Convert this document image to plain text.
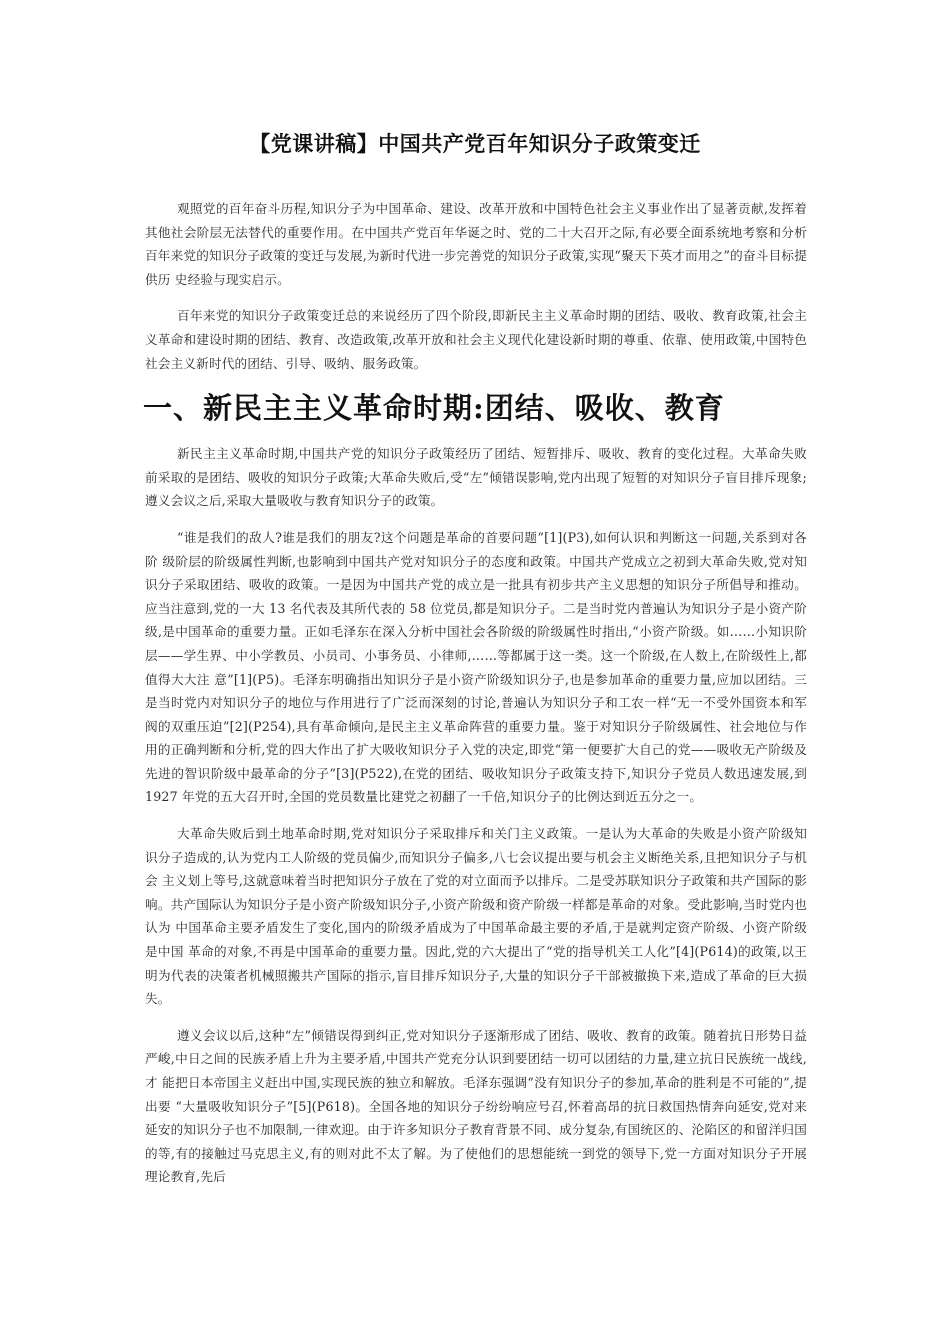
【党课讲稿】中国共产党百年知识分子政策变迁

观照党的百年奋斗历程,知识分子为中国革命、建设、改革开放和中国特色社会主义事业作出了显著贡献,发挥着其他社会阶层无法替代的重要作用。在中国共产党百年华诞之时、党的二十大召开之际,有必要全面系统地考察和分析百年来党的知识分子政策的变迁与发展,为新时代进一步完善党的知识分子政策,实现“聚天下英才而用之”的奋斗目标提供历 史经验与现实启示。

百年来党的知识分子政策变迁总的来说经历了四个阶段,即新民主主义革命时期的团结、吸收、教育政策,社会主义革命和建设时期的团结、教育、改造政策,改革开放和社会主义现代化建设新时期的尊重、依靠、使用政策,中国特色社会主义新时代的团结、引导、吸纳、服务政策。

一、新民主主义革命时期:团结、吸收、教育

新民主主义革命时期,中国共产党的知识分子政策经历了团结、短暂排斥、吸收、教育的变化过程。大革命失败前采取的是团结、吸收的知识分子政策;大革命失败后,受“左”倾错误影响,党内出现了短暂的对知识分子盲目排斥现象;遵义会议之后,采取大量吸收与教育知识分子的政策。

“谁是我们的敌人?谁是我们的朋友?这个问题是革命的首要问题”[1](P3),如何认识和判断这一问题,关系到对各阶 级阶层的阶级属性判断,也影响到中国共产党对知识分子的态度和政策。中国共产党成立之初到大革命失败,党对知识分子采取团结、吸收的政策。一是因为中国共产党的成立是一批具有初步共产主义思想的知识分子所倡导和推动。应当注意到,党的一大 13 名代表及其所代表的 58 位党员,都是知识分子。二是当时党内普遍认为知识分子是小资产阶级,是中国革命的重要力量。正如毛泽东在深入分析中国社会各阶级的阶级属性时指出,“小资产阶级。如……小知识阶层——学生界、中小学教员、小员司、小事务员、小律师,……等都属于这一类。这一个阶级,在人数上,在阶级性上,都值得大大注 意”[1](P5)。毛泽东明确指出知识分子是小资产阶级知识分子,也是参加革命的重要力量,应加以团结。三是当时党内对知识分子的地位与作用进行了广泛而深刻的讨论,普遍认为知识分子和工农一样“无一不受外国资本和军阀的双重压迫”[2](P254),具有革命倾向,是民主主义革命阵营的重要力量。鉴于对知识分子阶级属性、社会地位与作用的正确判断和分析,党的四大作出了扩大吸收知识分子入党的决定,即党“第一便要扩大自己的党——吸收无产阶级及先进的智识阶级中最革命的分子”[3](P522),在党的团结、吸收知识分子政策支持下,知识分子党员人数迅速发展,到 1927 年党的五大召开时,全国的党员数量比建党之初翻了一千倍,知识分子的比例达到近五分之一。

大革命失败后到土地革命时期,党对知识分子采取排斥和关门主义政策。一是认为大革命的失败是小资产阶级知识分子造成的,认为党内工人阶级的党员偏少,而知识分子偏多,八七会议提出要与机会主义断绝关系,且把知识分子与机会 主义划上等号,这就意味着当时把知识分子放在了党的对立面而予以排斥。二是受苏联知识分子政策和共产国际的影响。共产国际认为知识分子是小资产阶级知识分子,小资产阶级和资产阶级一样都是革命的对象。受此影响,当时党内也认为 中国革命主要矛盾发生了变化,国内的阶级矛盾成为了中国革命最主要的矛盾,于是就判定资产阶级、小资产阶级是中国 革命的对象,不再是中国革命的重要力量。因此,党的六大提出了“党的指导机关工人化”[4](P614)的政策,以王明为代表的决策者机械照搬共产国际的指示,盲目排斥知识分子,大量的知识分子干部被撤换下来,造成了革命的巨大损失。

遵义会议以后,这种“左”倾错误得到纠正,党对知识分子逐渐形成了团结、吸收、教育的政策。随着抗日形势日益严峻,中日之间的民族矛盾上升为主要矛盾,中国共产党充分认识到要团结一切可以团结的力量,建立抗日民族统一战线,才 能把日本帝国主义赶出中国,实现民族的独立和解放。毛泽东强调“没有知识分子的参加,革命的胜利是不可能的”,提出要 “大量吸收知识分子”[5](P618)。全国各地的知识分子纷纷响应号召,怀着高昂的抗日救国热情奔向延安,党对来延安的知识分子也不加限制,一律欢迎。由于许多知识分子教育背景不同、成分复杂,有国统区的、沦陷区的和留洋归国的等,有的接触过马克思主义,有的则对此不太了解。为了使他们的思想能统一到党的领导下,党一方面对知识分子开展理论教育,先后
